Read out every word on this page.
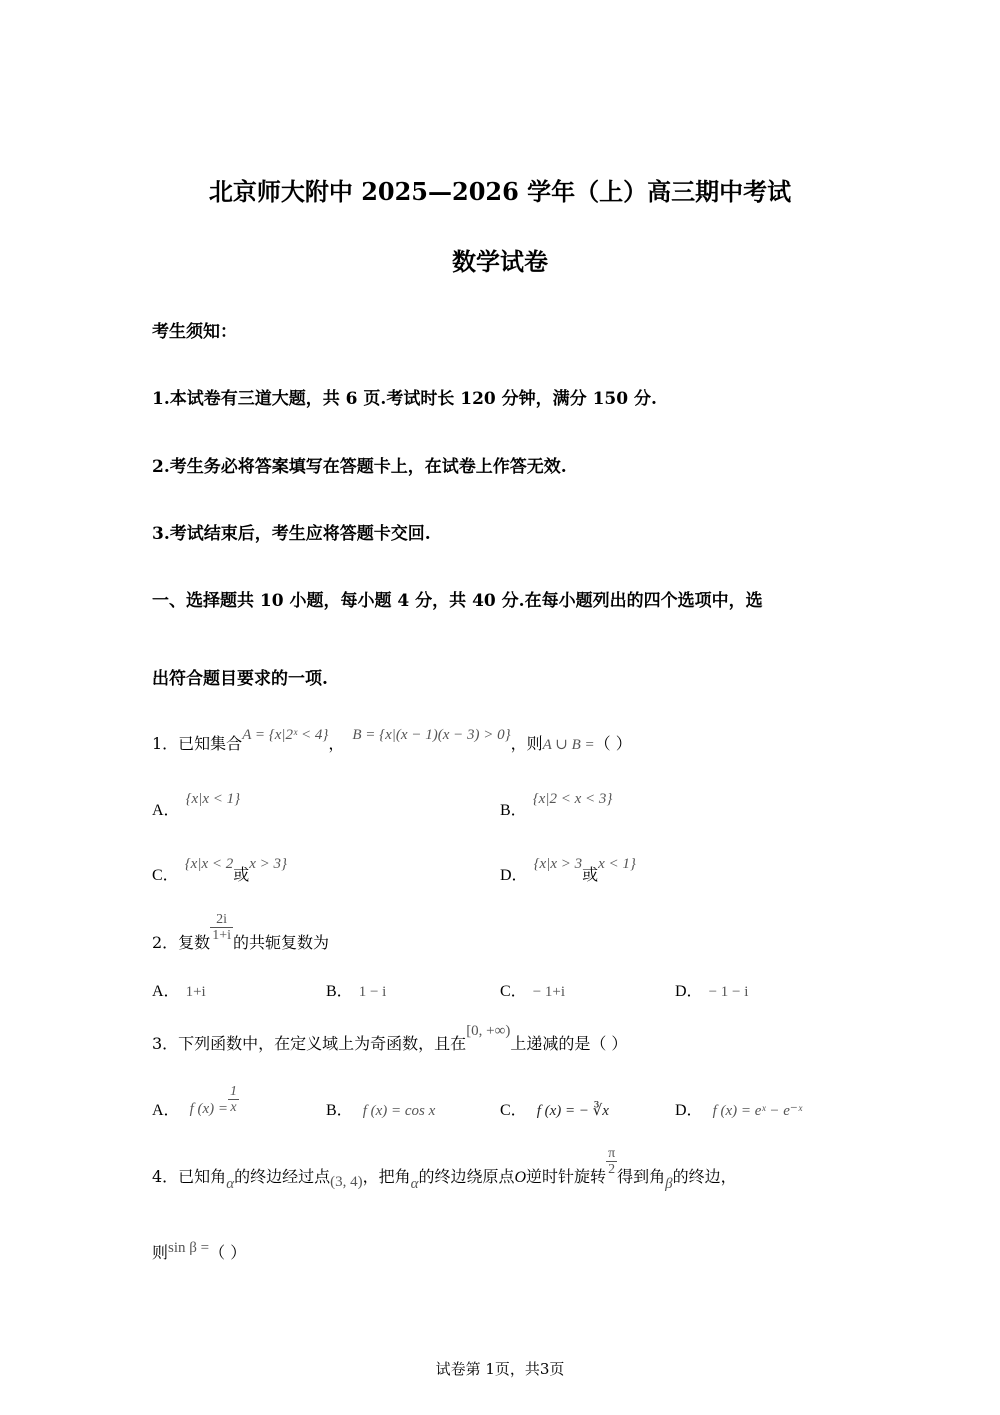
北京师大附中 2025—2026 学年（上）高三期中考试
数学试卷
考生须知：
1.本试卷有三道大题，共 6 页.考试时长 120 分钟，满分 150 分.
2.考生务必将答案填写在答题卡上，在试卷上作答无效.
3.考试结束后，考生应将答题卡交回.
一、选择题共 10 小题，每小题 4 分，共 40 分.在每小题列出的四个选项中，选
出符合题目要求的一项.
1．已知集合A = {x|2ˣ < 4}， B = {x|(x − 1)(x − 3) > 0}，则A ∪ B =（ ）
A．{x|x < 1}
B．{x|2 < x < 3}
C．{x|x < 2或x > 3}
D．{x|x > 3或x < 1}
2．复数 $\frac{2i}{1+i}$ 的共轭复数为
A． 1+i	B． 1 − i	C． − 1+i	D． − 1 − i
3．下列函数中，在定义域上为奇函数，且在[0, +∞)上递减的是（ ）
A． f $(x) = \frac{1}{x}$	B． f (x) = cos x	C． f (x) = − ∛x	D． f (x) = eˣ − e⁻ˣ
4．已知角α的终边经过点(3, 4)，把角α的终边绕原点O逆时针旋转 $\frac{\pi}{2}$ 得到角β的终边，
则sin β =（ ）
试卷第 1页，共3页
